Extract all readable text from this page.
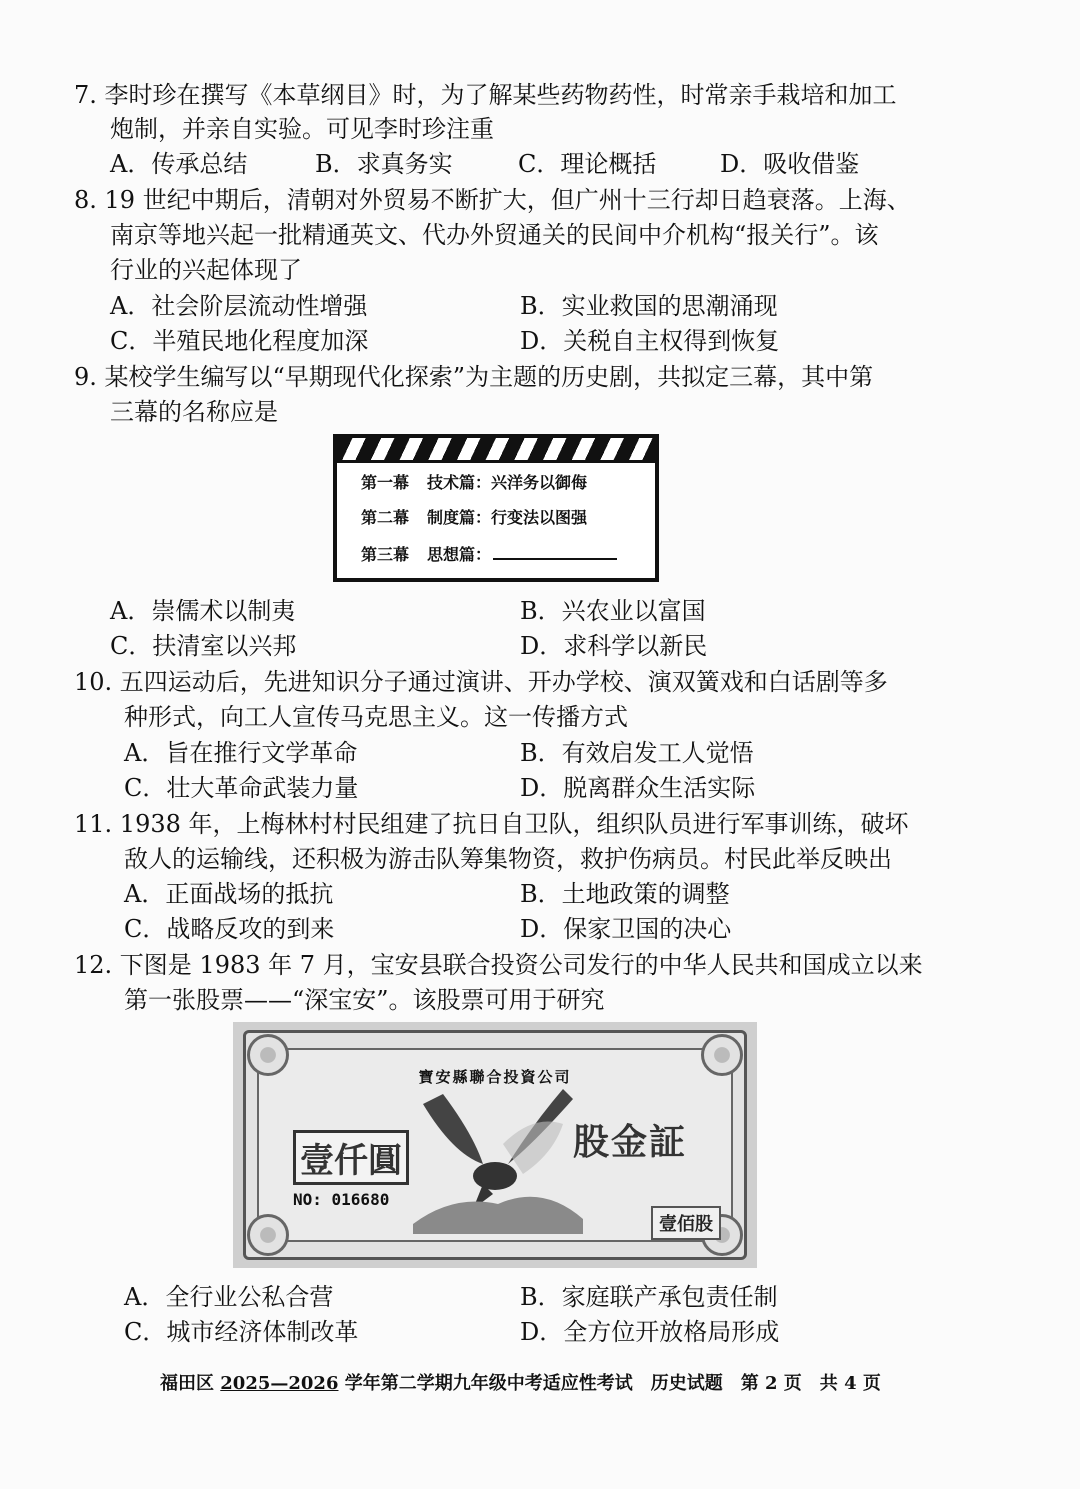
7. 李时珍在撰写《本草纲目》时，为了解某些药物药性，时常亲手栽培和加工
炮制，并亲自实验。可见李时珍注重
A．传承总结	B．求真务实	C．理论概括	D．吸收借鉴
8. 19 世纪中期后，清朝对外贸易不断扩大，但广州十三行却日趋衰落。上海、
南京等地兴起一批精通英文、代办外贸通关的民间中介机构“报关行”。该
行业的兴起体现了
A．社会阶层流动性增强	B．实业救国的思潮涌现
C．半殖民地化程度加深	D．关税自主权得到恢复
9. 某校学生编写以“早期现代化探索”为主题的历史剧，共拟定三幕，其中第
三幕的名称应是
第一幕 技术篇：兴洋务以御侮
第二幕 制度篇：行变法以图强
第三幕 思想篇：
A．崇儒术以制夷	B．兴农业以富国
C．扶清室以兴邦	D．求科学以新民
10. 五四运动后，先进知识分子通过演讲、开办学校、演双簧戏和白话剧等多
种形式，向工人宣传马克思主义。这一传播方式
A．旨在推行文学革命	B．有效启发工人觉悟
C．壮大革命武装力量	D．脱离群众生活实际
11. 1938 年，上梅林村村民组建了抗日自卫队，组织队员进行军事训练，破坏
敌人的运输线，还积极为游击队筹集物资，救护伤病员。村民此举反映出
A．正面战场的抵抗	B．土地政策的调整
C．战略反攻的到来	D．保家卫国的决心
12. 下图是 1983 年 7 月，宝安县联合投资公司发行的中华人民共和国成立以来
第一张股票——“深宝安”。该股票可用于研究
寶安縣聯合投資公司
壹仟圓	股金証
NO: 016680
壹佰股
A．全行业公私合营	B．家庭联产承包责任制
C．城市经济体制改革	D．全方位开放格局形成
福田区 2025—2026 学年第二学期九年级中考适应性考试　历史试题　第 2 页　共 4 页
